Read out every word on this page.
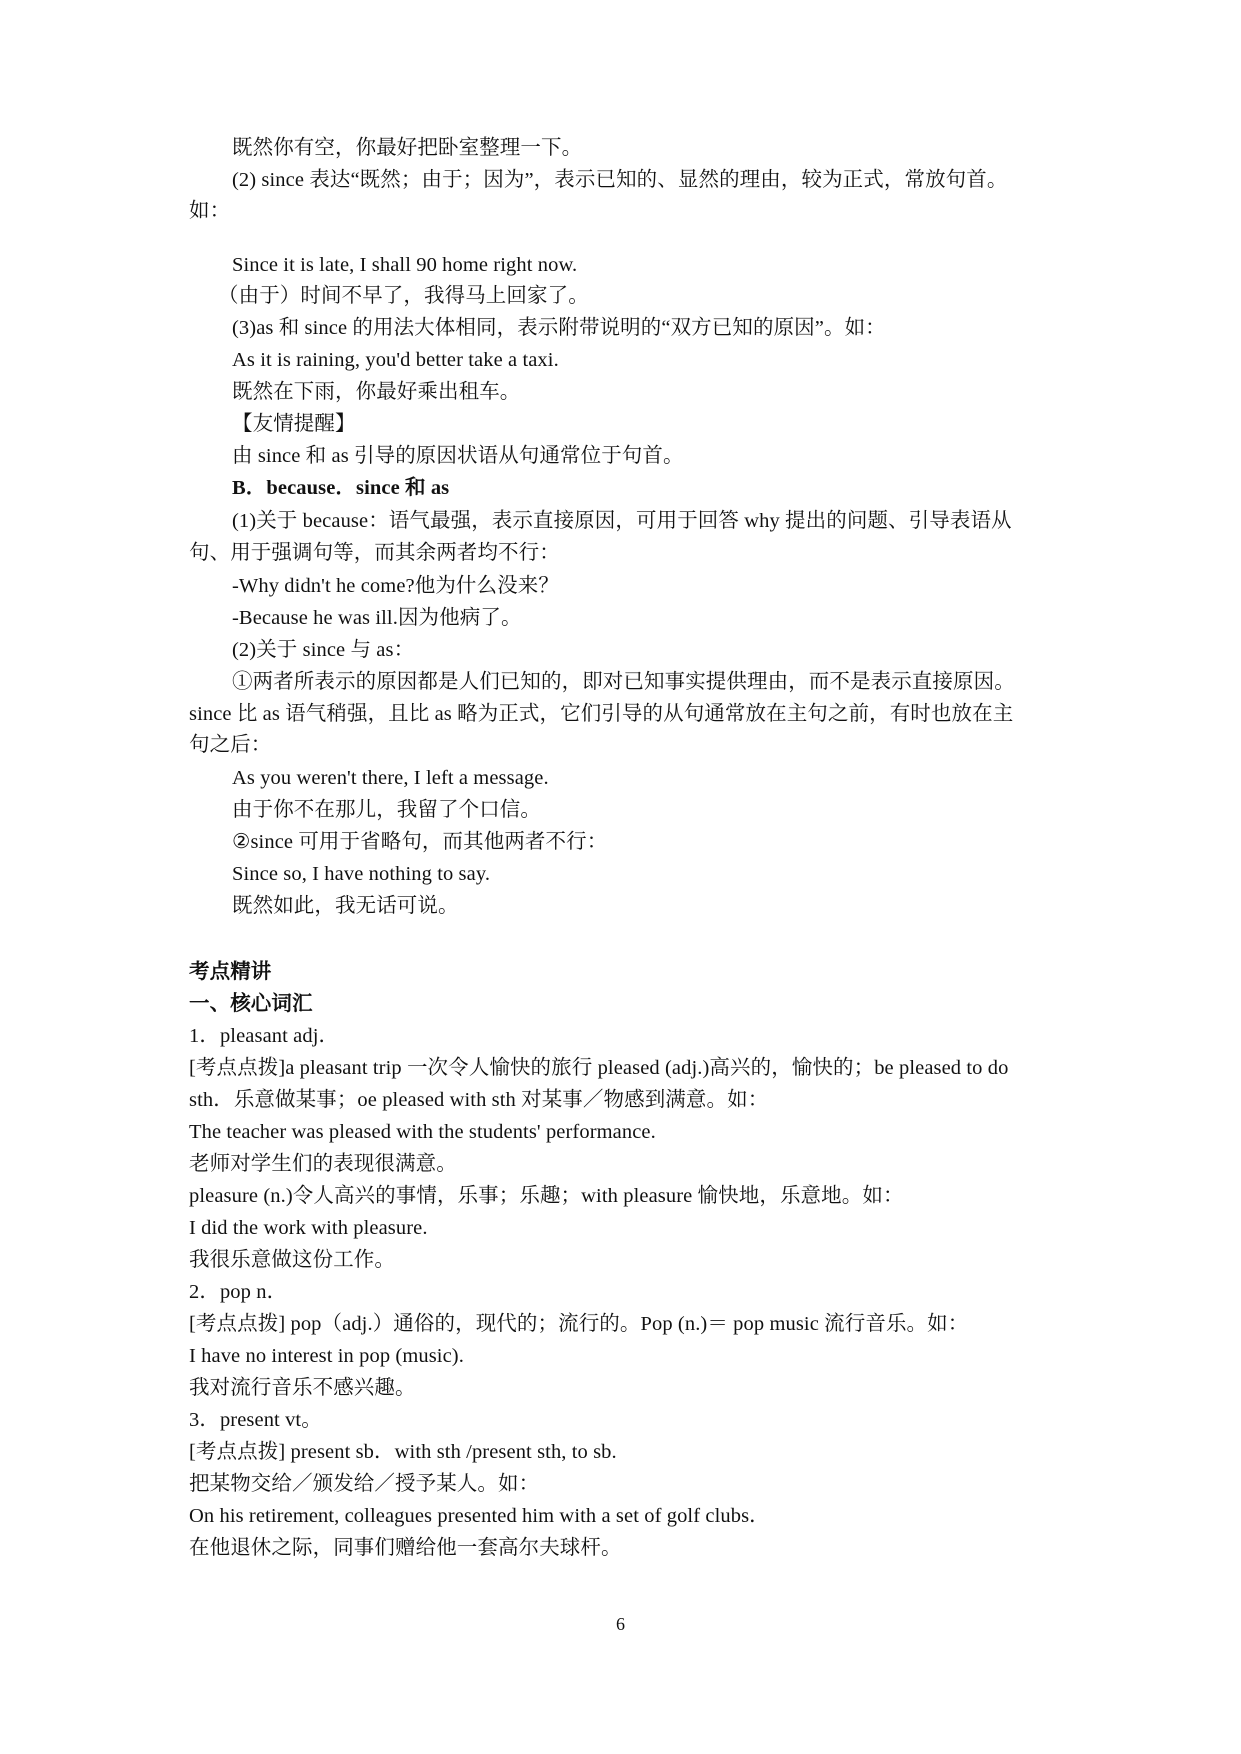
既然你有空，你最好把卧室整理一下。
(2) since 表达“既然；由于；因为”，表示已知的、显然的理由，较为正式，常放句首。
如：
Since it is late, I shall 90 home right now.
（由于）时间不早了，我得马上回家了。
(3)as 和 since 的用法大体相同，表示附带说明的“双方已知的原因”。如：
As it is raining, you'd better take a taxi.
既然在下雨，你最好乘出租车。
【友情提醒】
由 since 和 as 引导的原因状语从句通常位于句首。
B．because．since 和 as
(1)关于 because：语气最强，表示直接原因，可用于回答 why 提出的问题、引导表语从
句、用于强调句等，而其余两者均不行：
-Why didn't he come?他为什么没来？
-Because he was ill.因为他病了。
(2)关于 since 与 as：
①两者所表示的原因都是人们已知的，即对已知事实提供理由，而不是表示直接原因。
since 比 as 语气稍强，且比 as 略为正式，它们引导的从句通常放在主句之前，有时也放在主
句之后：
As you weren't there, I left a message.
由于你不在那儿，我留了个口信。
②since 可用于省略句，而其他两者不行：
Since so, I have nothing to say.
既然如此，我无话可说。
考点精讲
一、核心词汇
1．pleasant adj．
[考点点拨]a pleasant trip 一次令人愉快的旅行 pleased (adj.)高兴的，愉快的；be pleased to do
sth．乐意做某事；oe pleased with sth 对某事／物感到满意。如：
The teacher was pleased with the students' performance.
老师对学生们的表现很满意。
pleasure (n.)令人高兴的事情，乐事；乐趣；with pleasure 愉快地，乐意地。如：
I did the work with pleasure.
我很乐意做这份工作。
2．pop n．
[考点点拨] pop（adj.）通俗的，现代的；流行的。Pop (n.)＝ pop music 流行音乐。如：
I have no interest in pop (music).
我对流行音乐不感兴趣。
3．present vt。
[考点点拨] present sb．with sth /present sth, to sb.
把某物交给／颁发给／授予某人。如：
On his retirement, colleagues presented him with a set of golf clubs．
在他退休之际，同事们赠给他一套高尔夫球杆。
6
